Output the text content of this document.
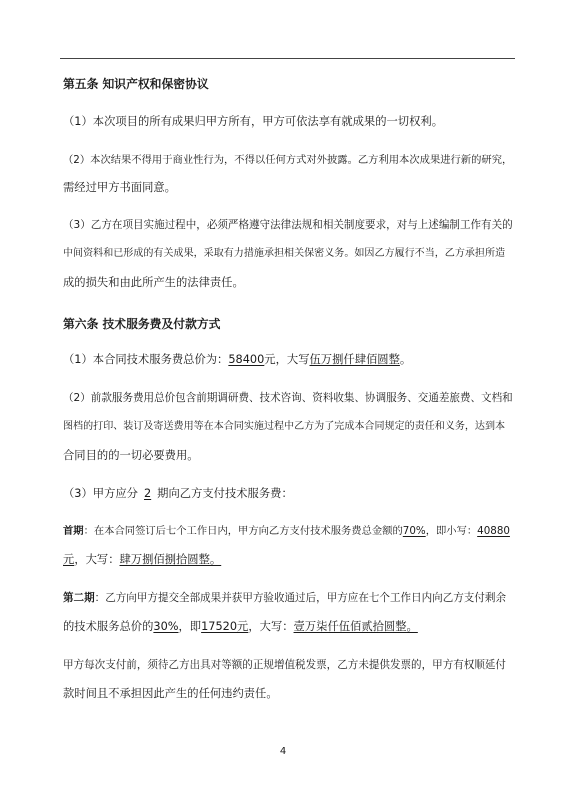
第五条 知识产权和保密协议
（1）本次项目的所有成果归甲方所有，甲方可依法享有就成果的一切权利。
（2）本次结果不得用于商业性行为，不得以任何方式对外披露。乙方利用本次成果进行新的研究，
需经过甲方书面同意。
（3）乙方在项目实施过程中，必须严格遵守法律法规和相关制度要求，对与上述编制工作有关的
中间资料和已形成的有关成果，采取有力措施承担相关保密义务。如因乙方履行不当，乙方承担所造
成的损失和由此所产生的法律责任。
第六条 技术服务费及付款方式
（1）本合同技术服务费总价为：58400元，大写伍万捌仟肆佰圆整。
（2）前款服务费用总价包含前期调研费、技术咨询、资料收集、协调服务、交通差旅费、文档和
图档的打印、装订及寄送费用等在本合同实施过程中乙方为了完成本合同规定的责任和义务，达到本
合同目的的一切必要费用。
（3）甲方应分 2 期向乙方支付技术服务费：
首期：在本合同签订后七个工作日内，甲方向乙方支付技术服务费总金额的70%，即小写：40880
元，大写：肆万捌佰捌拾圆整。
第二期：乙方向甲方提交全部成果并获甲方验收通过后，甲方应在七个工作日内向乙方支付剩余
的技术服务总价的30%，即17520元，大写：壹万柒仟伍佰贰拾圆整。
甲方每次支付前，须待乙方出具对等额的正规增值税发票，乙方未提供发票的，甲方有权顺延付
款时间且不承担因此产生的任何违约责任。
4
